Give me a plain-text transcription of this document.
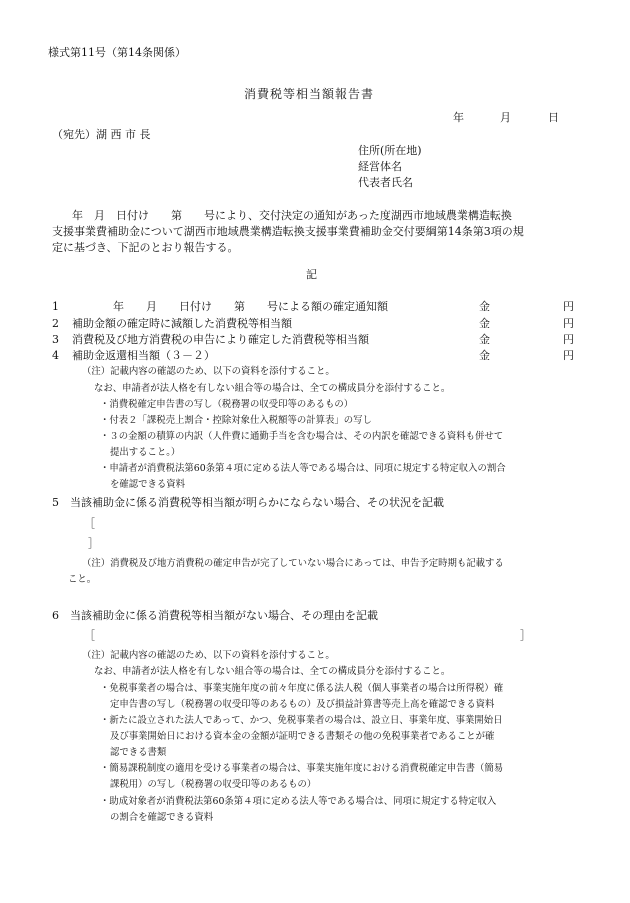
様式第11号（第14条関係）
消費税等相当額報告書
年	月	日
（宛先）湖 西 市 長
住所(所在地)
経営体名
代表者氏名
年　月　日付け　　第　　号により、交付決定の通知があった度湖西市地域農業構造転換
支援事業費補助金について湖西市地域農業構造転換支援事業費補助金交付要綱第14条第3項の規
定に基づき、下記のとおり報告する。
記
1	年　　月　　日付け　　第　　号による額の確定通知額	金	円
2 補助金額の確定時に減額した消費税等相当額	金	円
3 消費税及び地方消費税の申告により確定した消費税等相当額	金	円
4 補助金返還相当額（３－２）	金	円
（注）記載内容の確認のため、以下の資料を添付すること。
なお、申請者が法人格を有しない組合等の場合は、全ての構成員分を添付すること。
・消費税確定申告書の写し（税務署の収受印等のあるもの）
・付表２「課税売上割合・控除対象仕入税額等の計算表」の写し
・３の金額の積算の内訳（人件費に通勤手当を含む場合は、その内訳を確認できる資料も併せて
提出すること。）
・申請者が消費税法第60条第４項に定める法人等である場合は、同項に規定する特定収入の割合
を確認できる資料
5　当該補助金に係る消費税等相当額が明らかにならない場合、その状況を記載
［
］
（注）消費税及び地方消費税の確定申告が完了していない場合にあっては、申告予定時期も記載する
こと。
6　当該補助金に係る消費税等相当額がない場合、その理由を記載
［	］
（注）記載内容の確認のため、以下の資料を添付すること。
なお、申請者が法人格を有しない組合等の場合は、全ての構成員分を添付すること。
・免税事業者の場合は、事業実施年度の前々年度に係る法人税（個人事業者の場合は所得税）確
定申告書の写し（税務署の収受印等のあるもの）及び損益計算書等売上高を確認できる資料
・新たに設立された法人であって、かつ、免税事業者の場合は、設立日、事業年度、事業開始日
及び事業開始日における資本金の金額が証明できる書類その他の免税事業者であることが確
認できる書類
・簡易課税制度の適用を受ける事業者の場合は、事業実施年度における消費税確定申告書（簡易
課税用）の写し（税務署の収受印等のあるもの）
・助成対象者が消費税法第60条第４項に定める法人等である場合は、同項に規定する特定収入
の割合を確認できる資料
